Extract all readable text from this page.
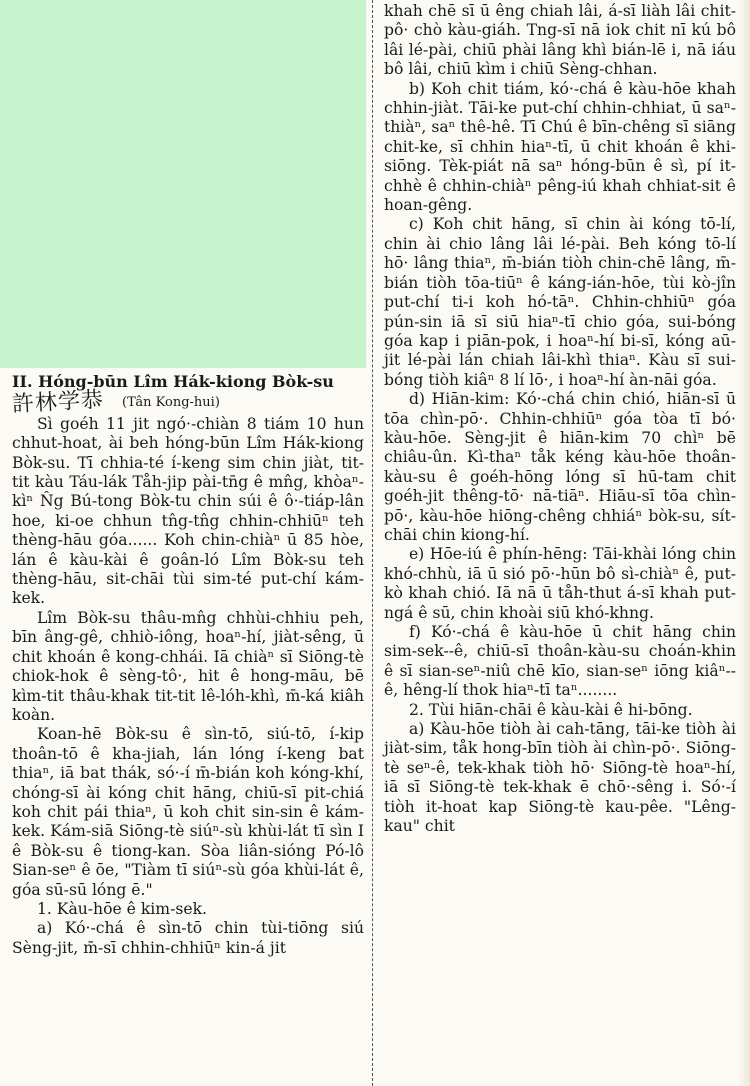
II. Hóng-būn Lîm Hák-kiong Bòk-su

許林学恭 (Tân Kong-hui)

Sì goéh 11 jit ngó·-chiàn 8 tiám 10 hun chhut-hoat, ài beh hóng-būn Lîm Hák-kiong Bòk-su. Tī chhia-té í-keng sim chin jiàt, tit-tit kàu Táu-lák Tåh-jip pài-tn̄g ê mn̂g, khòaⁿ-kìⁿ N̂g Bú-tong Bòk-tu chin súi ê ô·-tiáp-lân hoe, ki-oe chhun tn̂g-tn̂g chhin-chhiūⁿ teh thèng-hāu góa...... Koh chin-chiàⁿ ū 85 hòe, lán ê kàu-kài ê goân-ló Lîm Bòk-su teh thèng-hāu, sit-chāi tùi sim-té put-chí kám-kek.

Lîm Bòk-su thâu-mn̂g chhùi-chhiu peh, bīn âng-gê, chhiò-iông, hoaⁿ-hí, jiàt-sêng, ū chit khoán ê kong-chhái. Iā chiàⁿ sī Siōng-tè chiok-hok ê sèng-tô·, hit ê hong-māu, bē kìm-tit thâu-khak tit-tit lê-lóh-khì, m̄-ká kiâh koàn.

Koan-hē Bòk-su ê sìn-tō, siú-tō, í-kip thoân-tō ê kha-jiah, lán lóng í-keng bat thiaⁿ, iā bat thák, só·-í m̄-bián koh kóng-khí, chóng-sī ài kóng chit hāng, chiū-sī pit-chiá koh chit pái thiaⁿ, ū koh chit sin-sin ê kám-kek. Kám-siā Siōng-tè siúⁿ-sù khùi-lát tī sìn I ê Bòk-su ê tiong-kan. Sòa liân-sióng Pó-lô Sian-seⁿ ê ōe, "Tiàm tī siúⁿ-sù góa khùi-lát ê, góa sū-sū lóng ē."

1. Kàu-hōe ê kim-sek.

a) Kó·-chá ê sìn-tō chin tùi-tiōng siú Sèng-jit, m̄-sī chhin-chhiūⁿ kin-á jit

khah chē sī ū êng chiah lâi, á-sī liàh lâi chit-pô· chò kàu-giáh. Tng-sī nā iok chit nī kú bô lâi lé-pài, chiū phài lâng khì bián-lē i, nā iáu bô lâi, chiū kìm i chiū Sèng-chhan.

b) Koh chit tiám, kó·-chá ê kàu-hōe khah chhin-jiàt. Tāi-ke put-chí chhin-chhiat, ū saⁿ-thiàⁿ, saⁿ thê-hê. Tī Chú ê bīn-chêng sī siāng chit-ke, sī chhin hiaⁿ-tī, ū chit khoán ê khi-siōng. Tèk-piát nā saⁿ hóng-būn ê sì, pí it-chhè ê chhin-chiàⁿ pêng-iú khah chhiat-sit ê hoan-gêng.

c) Koh chit hāng, sī chin ài kóng tō-lí, chin ài chio lâng lâi lé-pài. Beh kóng tō-lí hō· lâng thiaⁿ, m̄-bián tiòh chin-chē lâng, m̄-bián tiòh tōa-tiūⁿ ê káng-ián-hōe, tùi kò-jîn put-chí ti-i koh hó-tāⁿ. Chhin-chhiūⁿ góa pún-sin iā sī siū hiaⁿ-tī chio góa, sui-bóng góa kap i piān-pok, i hoaⁿ-hí bi-sī, kóng aū-jit lé-pài lán chiah lâi-khì thiaⁿ. Kàu sī sui-bóng tiòh kiâⁿ 8 lí lō·, i hoaⁿ-hí àn-nāi góa.

d) Hiān-kim: Kó·-chá chin chió, hiān-sī ū tōa chìn-pō·. Chhin-chhiūⁿ góa tòa tī bó· kàu-hōe. Sèng-jit ê hiān-kim 70 chìⁿ bē chiâu-ûn. Kì-thaⁿ tåk kéng kàu-hōe thoân-kàu-su ê goéh-hōng lóng sī hū-tam chit goéh-jit thêng-tō· nā-tiāⁿ. Hiāu-sī tōa chìn-pō·, kàu-hōe hiōng-chêng chhiáⁿ bòk-su, sít-chāi chin kiong-hí.

e) Hōe-iú ê phín-hēng: Tāi-khài lóng chin khó-chhù, iā ū sió pō·-hūn bô sì-chiàⁿ ê, put-kò khah chió. Iā nā ū tåh-thut á-sī khah put-ngá ê sū, chin khoài siū khó-khng.

f) Kó·-chá ê kàu-hōe ū chit hāng chin sim-sek--ê, chiū-sī thoân-kàu-su choán-khin ê sī sian-seⁿ-niû chē kīo, sian-seⁿ iōng kiâⁿ--ê, hêng-lí thok hiaⁿ-tī taⁿ........

2. Tùi hiān-chāi ê kàu-kài ê hi-bōng.

a) Kàu-hōe tiòh ài cah-tāng, tāi-ke tiòh ài jiàt-sim, tåk hong-bīn tiòh ài chìn-pō·. Siōng-tè seⁿ-ê, tek-khak tiòh hō· Siōng-tè hoaⁿ-hí, iā sī Siōng-tè tek-khak ē chō·-sêng i. Só·-í tiòh it-hoat kap Siōng-tè kau-pêe. "Lêng-kau" chit
